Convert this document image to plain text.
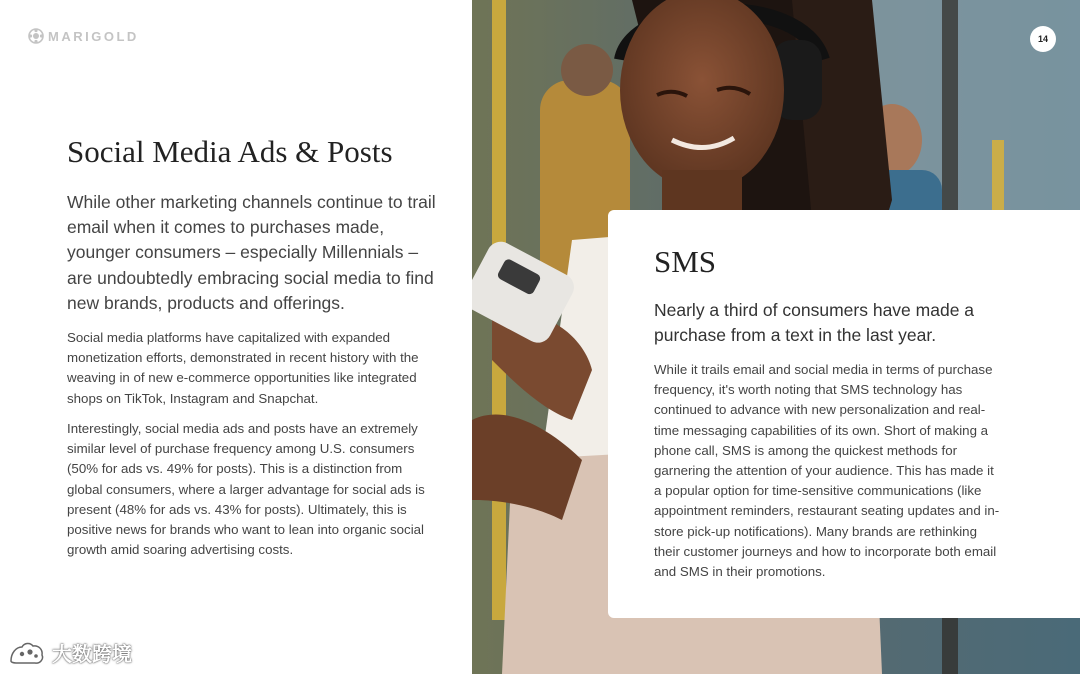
MARIGOLD
Social Media Ads & Posts

While other marketing channels continue to trail email when it comes to purchases made, younger consumers – especially Millennials – are undoubtedly embracing social media to find new brands, products and offerings.

Social media platforms have capitalized with expanded monetization efforts, demonstrated in recent history with the weaving in of new e-commerce opportunities like integrated shops on TikTok, Instagram and Snapchat.

Interestingly, social media ads and posts have an extremely similar level of purchase frequency among U.S. consumers (50% for ads vs. 49% for posts). This is a distinction from global consumers, where a larger advantage for social ads is present (48% for ads vs. 43% for posts). Ultimately, this is positive news for brands who want to lean into organic social growth amid soaring advertising costs.

大数跨境
14
SMS

Nearly a third of consumers have made a purchase from a text in the last year.

While it trails email and social media in terms of purchase frequency, it's worth noting that SMS technology has continued to advance with new personalization and real-time messaging capabilities of its own. Short of making a phone call, SMS is among the quickest methods for garnering the attention of your audience. This has made it a popular option for time-sensitive communications (like appointment reminders, restaurant seating updates and in-store pick-up notifications). Many brands are rethinking their customer journeys and how to incorporate both email and SMS in their promotions.
